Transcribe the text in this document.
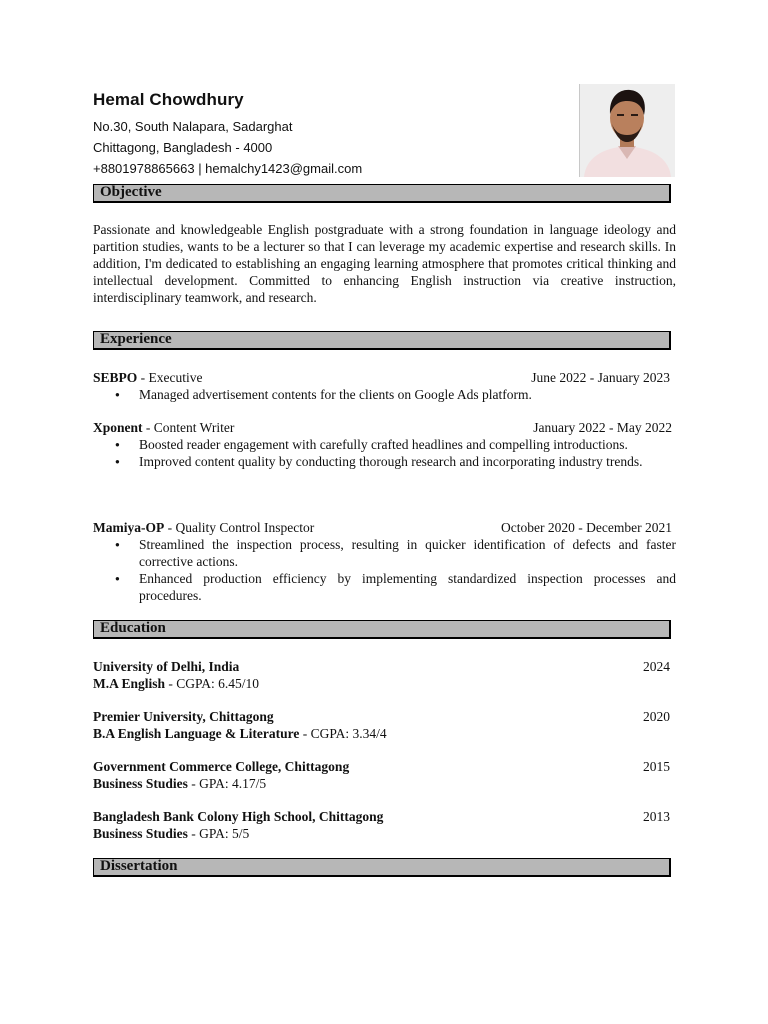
Hemal Chowdhury
No.30, South Nalapara, Sadarghat
Chittagong, Bangladesh - 4000
+8801978865663 | hemalchy1423@gmail.com
Objective

Passionate and knowledgeable English postgraduate with a strong foundation in language ideology and partition studies, wants to be a lecturer so that I can leverage my academic expertise and research skills. In addition, I'm dedicated to establishing an engaging learning atmosphere that promotes critical thinking and intellectual development. Committed to enhancing English instruction via creative instruction, interdisciplinary teamwork, and research.

Experience
SEBPO - Executive	June 2022 - January 2023
● Managed advertisement contents for the clients on Google Ads platform.
Xponent - Content Writer	January 2022 - May 2022
● Boosted reader engagement with carefully crafted headlines and compelling introductions.
● Improved content quality by conducting thorough research and incorporating industry trends.
Mamiya-OP - Quality Control Inspector	October 2020 - December 2021
● Streamlined the inspection process, resulting in quicker identification of defects and faster corrective actions.
● Enhanced production efficiency by implementing standardized inspection processes and procedures.
Education
University of Delhi, India	2024
M.A English - CGPA: 6.45/10
Premier University, Chittagong	2020
B.A English Language & Literature - CGPA: 3.34/4
Government Commerce College, Chittagong	2015
Business Studies - GPA: 4.17/5
Bangladesh Bank Colony High School, Chittagong	2013
Business Studies - GPA: 5/5
Dissertation
